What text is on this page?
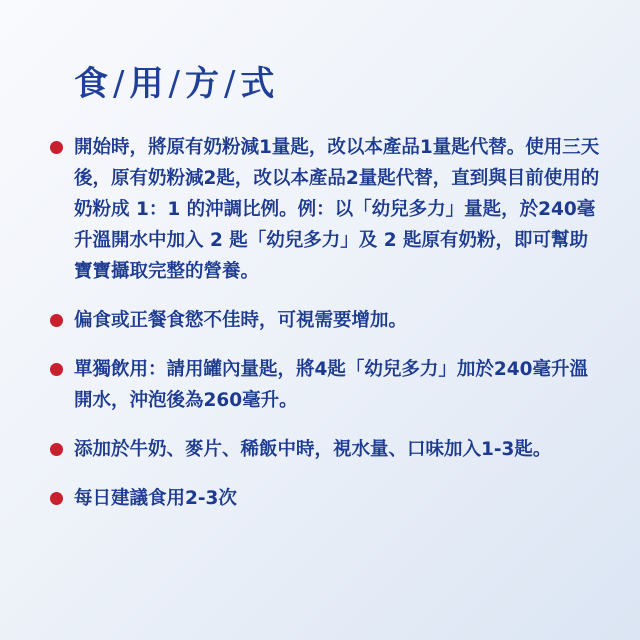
食 / 用 / 方 / 式
開始時，將原有奶粉減1量匙，改以本產品1量匙代替。使用三天後，原有奶粉減2匙，改以本產品2量匙代替，直到與目前使用的奶粉成 1：1 的沖調比例。例：以「幼兒多力」量匙，於240毫升溫開水中加入 2 匙「幼兒多力」及 2 匙原有奶粉，即可幫助寶寶攝取完整的營養。
偏食或正餐食慾不佳時，可視需要增加。
單獨飲用：請用罐內量匙，將4匙「幼兒多力」加於240毫升溫開水，沖泡後為260毫升。
添加於牛奶、麥片、稀飯中時，視水量、口味加入1-3匙。
每日建議食用2-3次
